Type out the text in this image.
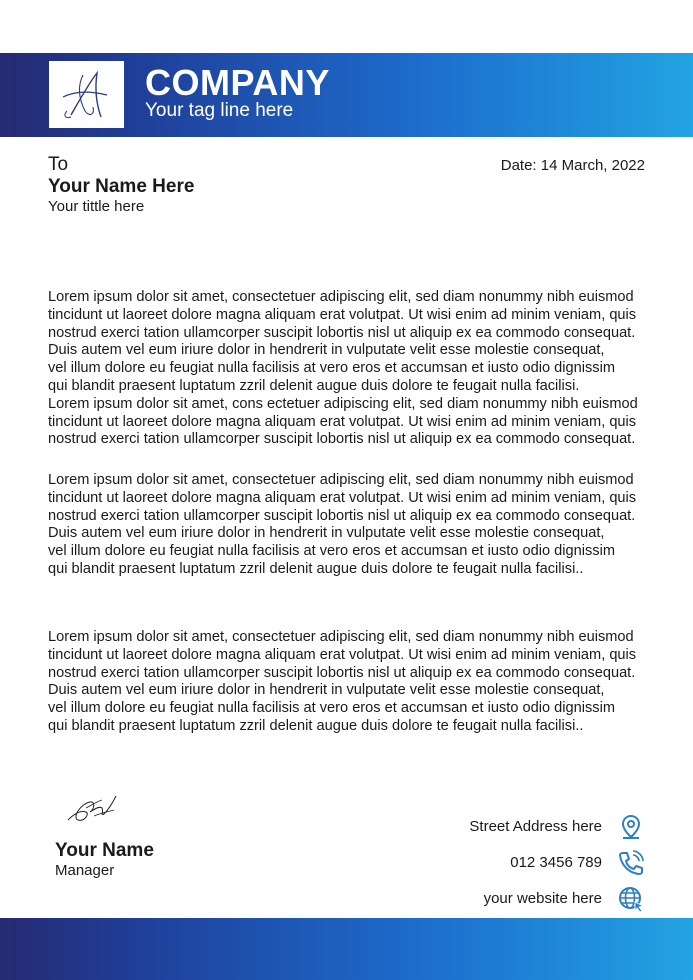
COMPANY
Your tag line here
To
Your Name Here
Your tittle here
Date: 14 March, 2022
Lorem ipsum dolor sit amet, consectetuer adipiscing elit, sed diam nonummy nibh euismod
tincidunt ut laoreet dolore magna aliquam erat volutpat. Ut wisi enim ad minim veniam, quis
nostrud exerci tation ullamcorper suscipit lobortis nisl ut aliquip ex ea commodo consequat.
Duis autem vel eum iriure dolor in hendrerit in vulputate velit esse molestie consequat,
vel illum dolore eu feugiat nulla facilisis at vero eros et accumsan et iusto odio dignissim
qui blandit praesent luptatum zzril delenit augue duis dolore te feugait nulla facilisi.
Lorem ipsum dolor sit amet, cons ectetuer adipiscing elit, sed diam nonummy nibh euismod
tincidunt ut laoreet dolore magna aliquam erat volutpat. Ut wisi enim ad minim veniam, quis
nostrud exerci tation ullamcorper suscipit lobortis nisl ut aliquip ex ea commodo consequat.
Lorem ipsum dolor sit amet, consectetuer adipiscing elit, sed diam nonummy nibh euismod
tincidunt ut laoreet dolore magna aliquam erat volutpat. Ut wisi enim ad minim veniam, quis
nostrud exerci tation ullamcorper suscipit lobortis nisl ut aliquip ex ea commodo consequat.
Duis autem vel eum iriure dolor in hendrerit in vulputate velit esse molestie consequat,
vel illum dolore eu feugiat nulla facilisis at vero eros et accumsan et iusto odio dignissim
qui blandit praesent luptatum zzril delenit augue duis dolore te feugait nulla facilisi..
Lorem ipsum dolor sit amet, consectetuer adipiscing elit, sed diam nonummy nibh euismod
tincidunt ut laoreet dolore magna aliquam erat volutpat. Ut wisi enim ad minim veniam, quis
nostrud exerci tation ullamcorper suscipit lobortis nisl ut aliquip ex ea commodo consequat.
Duis autem vel eum iriure dolor in hendrerit in vulputate velit esse molestie consequat,
vel illum dolore eu feugiat nulla facilisis at vero eros et accumsan et iusto odio dignissim
qui blandit praesent luptatum zzril delenit augue duis dolore te feugait nulla facilisi..
Your Name
Manager
Street Address here
012 3456 789
your website here
